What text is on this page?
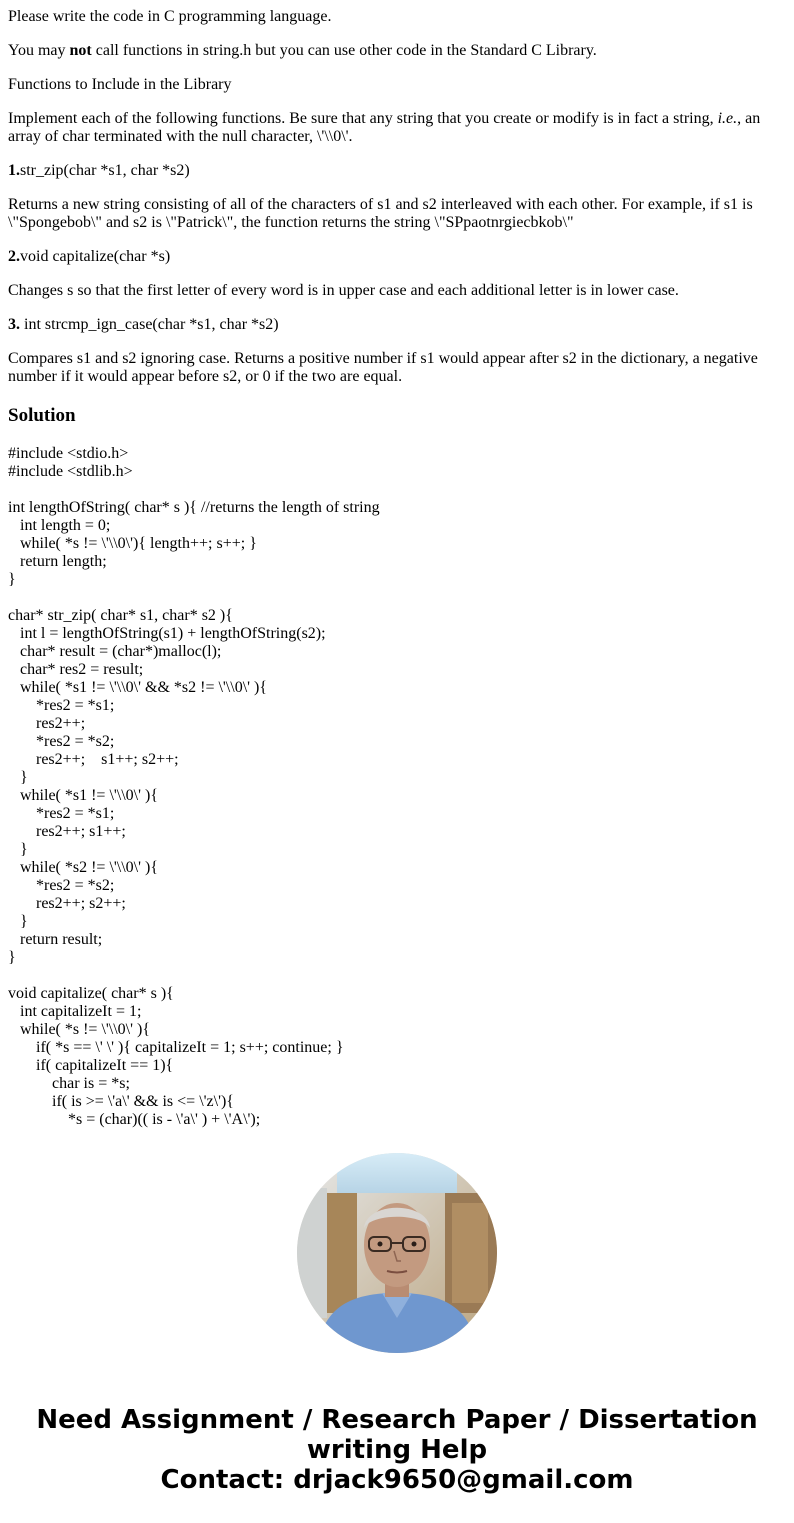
Please write the code in C programming language.

You may not call functions in string.h but you can use other code in the Standard C Library.

Functions to Include in the Library

Implement each of the following functions. Be sure that any string that you create or modify is in fact a string, i.e., an array of char terminated with the null character, \'\\0\'.

1.str_zip(char *s1, char *s2)

Returns a new string consisting of all of the characters of s1 and s2 interleaved with each other. For example, if s1 is \"Spongebob\" and s2 is \"Patrick\", the function returns the string \"SPpaotnrgiecbkob\"

2.void capitalize(char *s)

Changes s so that the first letter of every word is in upper case and each additional letter is in lower case.

3. int strcmp_ign_case(char *s1, char *s2)

Compares s1 and s2 ignoring case. Returns a positive number if s1 would appear after s2 in the dictionary, a negative number if it would appear before s2, or 0 if the two are equal.

Solution
#include <stdio.h>
#include <stdlib.h>

int lengthOfString( char* s ){ //returns the length of string
int length = 0;
while( *s != \'\\0\'){ length++; s++; }
return length;
}

char* str_zip( char* s1, char* s2 ){
int l = lengthOfString(s1) + lengthOfString(s2);
char* result = (char*)malloc(l);
char* res2 = result;
while( *s1 != \'\\0\' && *s2 != \'\\0\' ){
*res2 = *s1;
res2++;
*res2 = *s2;
res2++;    s1++; s2++;
}
while( *s1 != \'\\0\' ){
*res2 = *s1;
res2++; s1++;
}
while( *s2 != \'\\0\' ){
*res2 = *s2;
res2++; s2++;
}
return result;
}

void capitalize( char* s ){
int capitalizeIt = 1;
while( *s != \'\\0\' ){
if( *s == \' \' ){ capitalizeIt = 1; s++; continue; }
if( capitalizeIt == 1){
char is = *s;
if( is >= \'a\' && is <= \'z\'){
*s = (char)(( is - \'a\' ) + \'A\');
Need Assignment / Research Paper / Dissertation
writing Help
Contact: drjack9650@gmail.com
